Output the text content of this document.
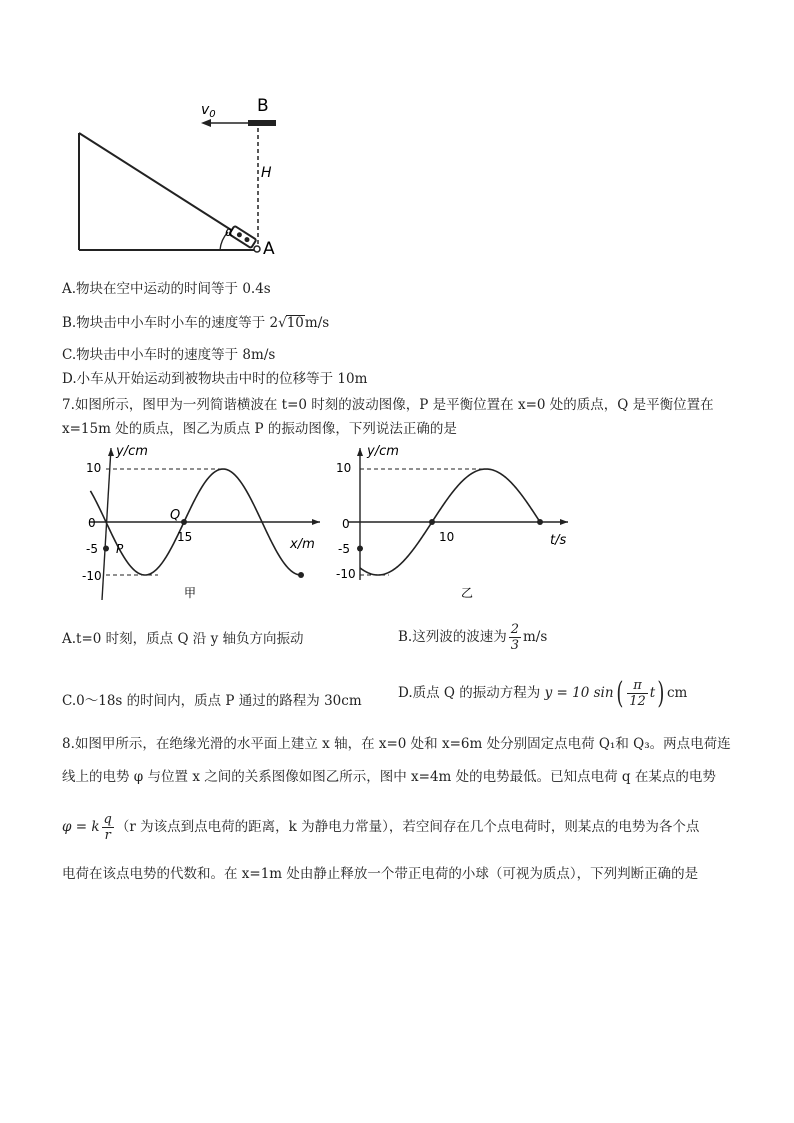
$v_0$ B
H
α
A
A.物块在空中运动的时间等于 0.4s
B.物块击中小车时小车的速度等于 2√10m/s
C.物块击中小车时的速度等于 8m/s
D.小车从开始运动到被物块击中时的位移等于 10m
7.如图所示，图甲为一列简谐横波在 t=0 时刻的波动图像，P 是平衡位置在 x=0 处的质点，Q 是平衡位置在
x=15m 处的质点，图乙为质点 P 的振动图像，下列说法正确的是
y/cm
x/m
10
0
-5
-10
15
P
Q
甲
y/cm
t/s
10
0
-5
-10
10
乙
A.t=0 时刻，质点 Q 沿 y 轴负方向振动	B.这列波的波速为 $\frac{2}{3} m/s$
C.0～18s 的时间内，质点 P 通过的路程为 30cm	D.质点 Q 的振动方程为 y = 10 $\sin( \frac{\pi}{12} t)$ cm
8.如图甲所示，在绝缘光滑的水平面上建立 x 轴，在 x=0 处和 x=6m 处分别固定点电荷 Q₁和 Q₃。两点电荷连
线上的电势 φ 与位置 x 之间的关系图像如图乙所示，图中 x=4m 处的电势最低。已知点电荷 q 在某点的电势
φ = k $\frac{q}{r} (r$ 为该点到点电荷的距离，k 为静电力常量），若空间存在几个点电荷时，则某点的电势为各个点
电荷在该点电势的代数和。在 x=1m 处由静止释放一个带正电荷的小球（可视为质点），下列判断正确的是
